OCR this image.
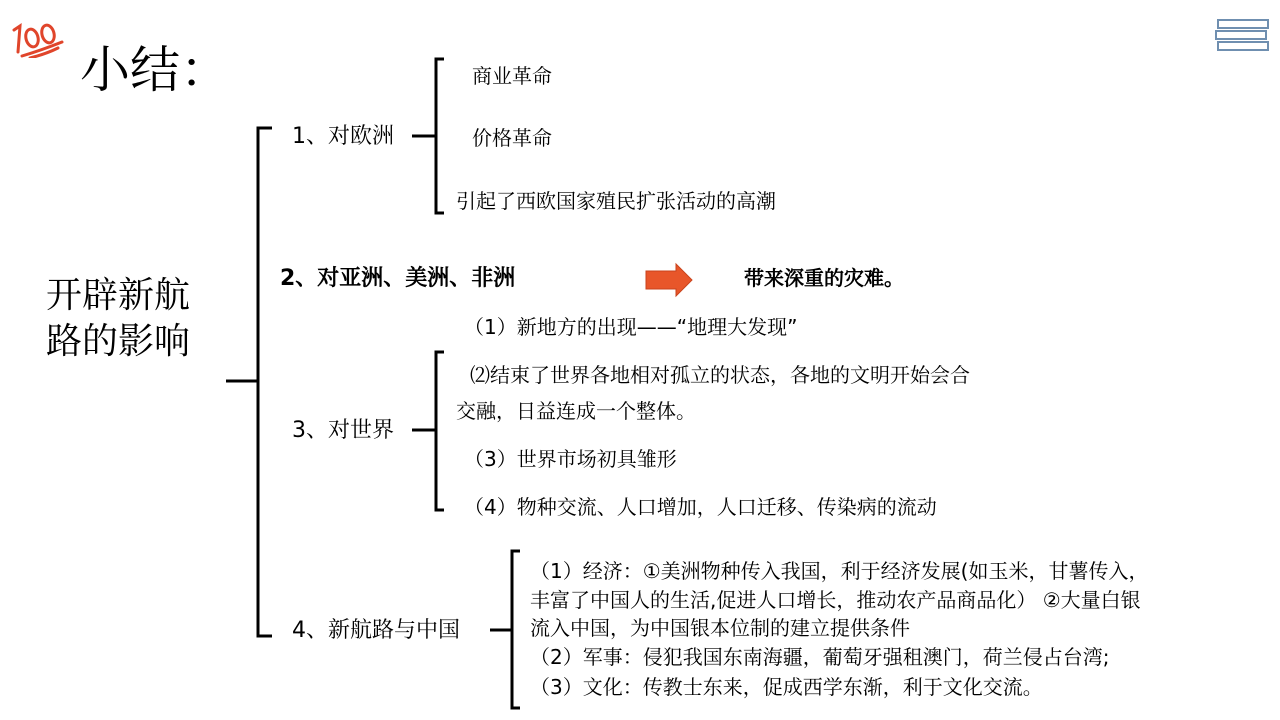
小结：
开辟新航路的影响
1、对欧洲
商业革命
价格革命
引起了西欧国家殖民扩张活动的高潮
2、对亚洲、美洲、非洲	带来深重的灾难。
3、对世界
（1）新地方的出现——“地理大发现”
⑵结束了世界各地相对孤立的状态，各地的文明开始会合
交融，日益连成一个整体。
（3）世界市场初具雏形
（4）物种交流、人口增加，人口迁移、传染病的流动
4、新航路与中国
（1）经济：①美洲物种传入我国，利于经济发展(如玉米，甘薯传入，
丰富了中国人的生活,促进人口增长，推动农产品商品化） ②大量白银
流入中国，为中国银本位制的建立提供条件
（2）军事：侵犯我国东南海疆，葡萄牙强租澳门，荷兰侵占台湾;
（3）文化：传教士东来，促成西学东渐，利于文化交流。
